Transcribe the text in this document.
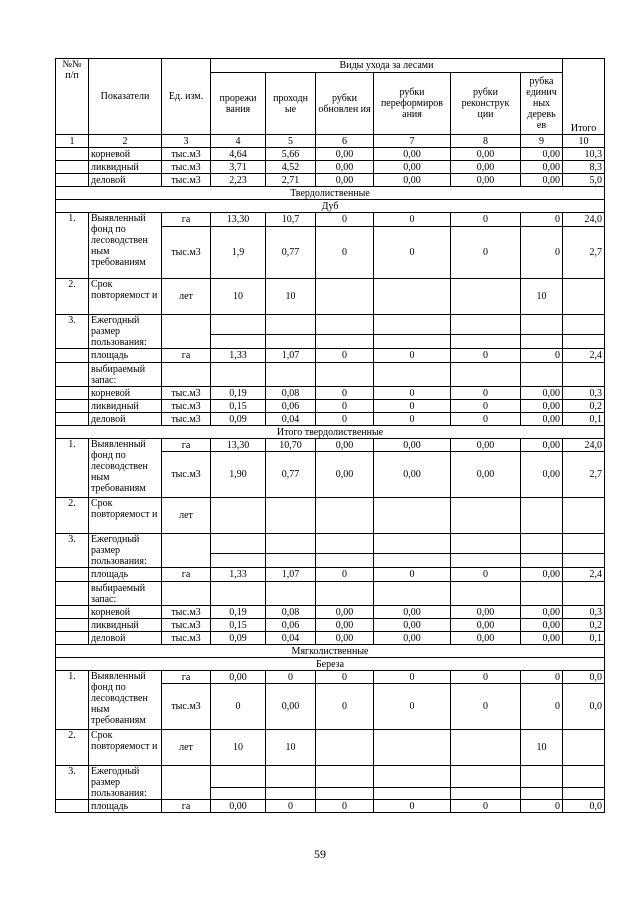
№№ п/п	Показатели	Ед. изм.	Виды ухода за лесами						Итого
			прорежи вания	проходн ые	рубки обновлен ия	рубки переформиров ания	рубки реконструк ции	рубка единич ных деревь ев	
1	2	3	4	5	6	7	8	9	10
	корневой	тыс.м3	4,64	5,66	0,00	0,00	0,00	0,00	10,3
	ликвидный	тыс.м3	3,71	4,52	0,00	0,00	0,00	0,00	8,3
	деловой	тыс.м3	2,23	2,71	0,00	0,00	0,00	0,00	5,0
Твердолиственные									
Дуб									
1.	Выявленный фонд по лесоводствен ным требованиям	га	13,30	10,7	0	0	0	0	24,0
		тыс.м3	1,9	0,77	0	0	0	0	2,7
2.	Срок повторяемост и	лет	10	10				10	
3.	Ежегодный размер пользования:								

	площадь	га	1,33	1,07	0	0	0	0	2,4
	выбираемый запас:								
	корневой	тыс.м3	0,19	0,08	0	0	0	0,00	0,3
	ликвидный	тыс.м3	0,15	0,06	0	0	0	0,00	0,2
	деловой	тыс.м3	0,09	0,04	0	0	0	0,00	0,1
Итого твердолиственные									
1.	Выявленный фонд по лесоводствен ным требованиям	га	13,30	10,70	0,00	0,00	0,00	0,00	24,0
		тыс.м3	1,90	0,77	0,00	0,00	0,00	0,00	2,7
2.	Срок повторяемост и	лет							
3.	Ежегодный размер пользования:								

	площадь	га	1,33	1,07	0	0	0	0,00	2,4
	выбираемый запас:								
	корневой	тыс.м3	0,19	0,08	0,00	0,00	0,00	0,00	0,3
	ликвидный	тыс.м3	0,15	0,06	0,00	0,00	0,00	0,00	0,2
	деловой	тыс.м3	0,09	0,04	0,00	0,00	0,00	0,00	0,1
Мягколиственные									
Береза									
1.	Выявленный фонд по лесоводствен ным требованиям	га	0,00	0	0	0	0	0	0,0
		тыс.м3	0	0,00	0	0	0	0	0,0
2.	Срок повторяемост и	лет	10	10				10	
3.	Ежегодный размер пользования:								

	площадь	га	0,00	0	0	0	0	0	0,0
59
